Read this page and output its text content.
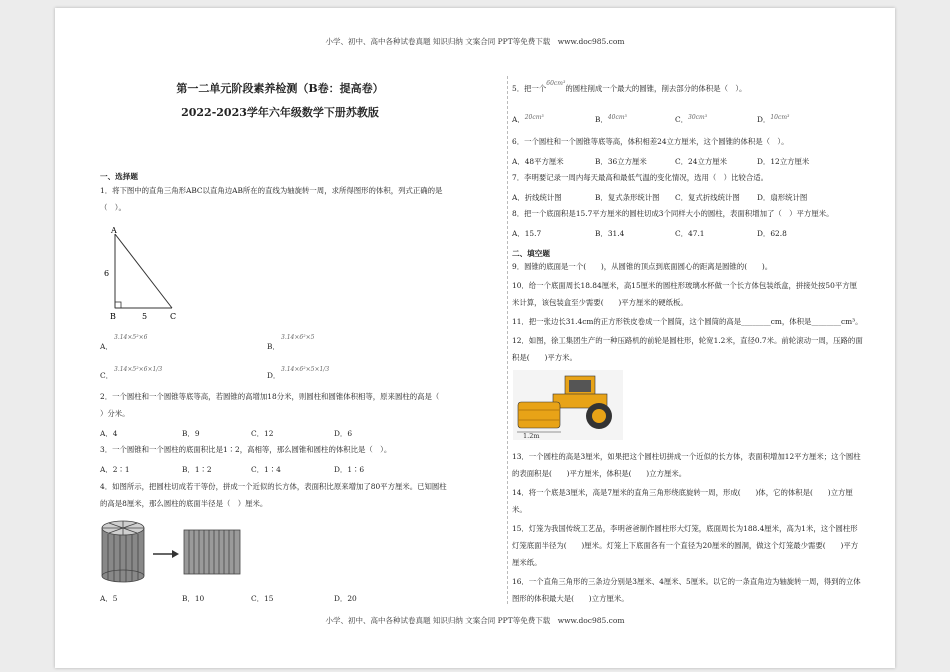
小学、初中、高中各种试卷真题 知识归纳 文案合同 PPT等免费下载　www.doc985.com
小学、初中、高中各种试卷真题 知识归纳 文案合同 PPT等免费下载　www.doc985.com
第一二单元阶段素养检测（B卷：提高卷）
2022-2023学年六年级数学下册苏教版
一、选择题
1．将下图中的直角三角形ABC以直角边AB所在的直线为轴旋转一周，求所得图形的体积，列式正确的是
（　）。
A
B	C
6
5
A．
3.14×5²×6
B．
3.14×6²×5
C．
3.14×5²×6×1/3
D．
3.14×6²×5×1/3
2．一个圆柱和一个圆锥等底等高，若圆锥的高增加18分米，则圆柱和圆锥体积相等，原来圆柱的高是（
）分米。
A．4	B．9	C．12	D．6
3．一个圆锥和一个圆柱的底面积比是1∶2，高相等，那么圆锥和圆柱的体积比是（　）。
A．2∶1	B．1∶2	C．1∶4	D．1∶6
4．如图所示，把圆柱切成若干等份，拼成一个近似的长方体，表面积比原来增加了80平方厘米。已知圆柱
的高是8厘米，那么圆柱的底面半径是（　）厘米。
A．5	B．10	C．15	D．20
5．把一个$^{60cm^3}$的圆柱削成一个最大的圆锥，削去部分的体积是（　）。
A．$^{20cm^3}$	B．$^{40cm^3}$	C．$^{30cm^3}$	D．$^{10cm^3}$
6．一个圆柱和一个圆锥等底等高，体积相差24立方厘米，这个圆锥的体积是（　）。
A．48平方厘米	B．36立方厘米	C．24立方厘米	D．12立方厘米
7．李明要记录一周内每天最高和最低气温的变化情况，选用（　）比较合适。
A．折线统计图	B．复式条形统计图 C．复式折线统计图 D．扇形统计图
8．把一个底面积是15.7平方厘米的圆柱切成3个同样大小的圆柱，表面积增加了（　）平方厘米。
A．15.7	B．31.4	C．47.1	D．62.8
二、填空题
9．圆锥的底面是一个(　　)，从圆锥的顶点到底面圆心的距离是圆锥的(　　)。
10．给一个底面周长18.84厘米，高15厘米的圆柱形玻璃水杯做一个长方体包装纸盒，拼接处按50平方厘
米计算，该包装盒至少需要(　　)平方厘米的硬纸板。
11．把一张边长31.4cm的正方形铁皮卷成一个圆筒，这个圆筒的高是________cm，体积是________cm³。
12．如图，徐工集团生产的一种压路机的前轮是圆柱形，轮宽1.2米，直径0.7米。前轮滚动一周，压路的面
积是(　　)平方米。
1.2m
13．一个圆柱的高是3厘米，如果把这个圆柱切拼成一个近似的长方体，表面积增加12平方厘米；这个圆柱
的表面积是(　　)平方厘米，体积是(　　)立方厘米。
14．将一个底是3厘米，高是7厘米的直角三角形绕底旋转一周，形成(　　)体，它的体积是(　　)立方厘
米。
15．灯笼为我国传统工艺品，李明爸爸制作圆柱形大灯笼，底面周长为188.4厘米，高为1米，这个圆柱形
灯笼底面半径为(　　)厘米。灯笼上下底面各有一个直径为20厘米的圆洞，做这个灯笼最少需要(　　)平方
厘米纸。
16．一个直角三角形的三条边分别是3厘米、4厘米、5厘米。以它的一条直角边为轴旋转一周，得到的立体
图形的体积最大是(　　)立方厘米。
